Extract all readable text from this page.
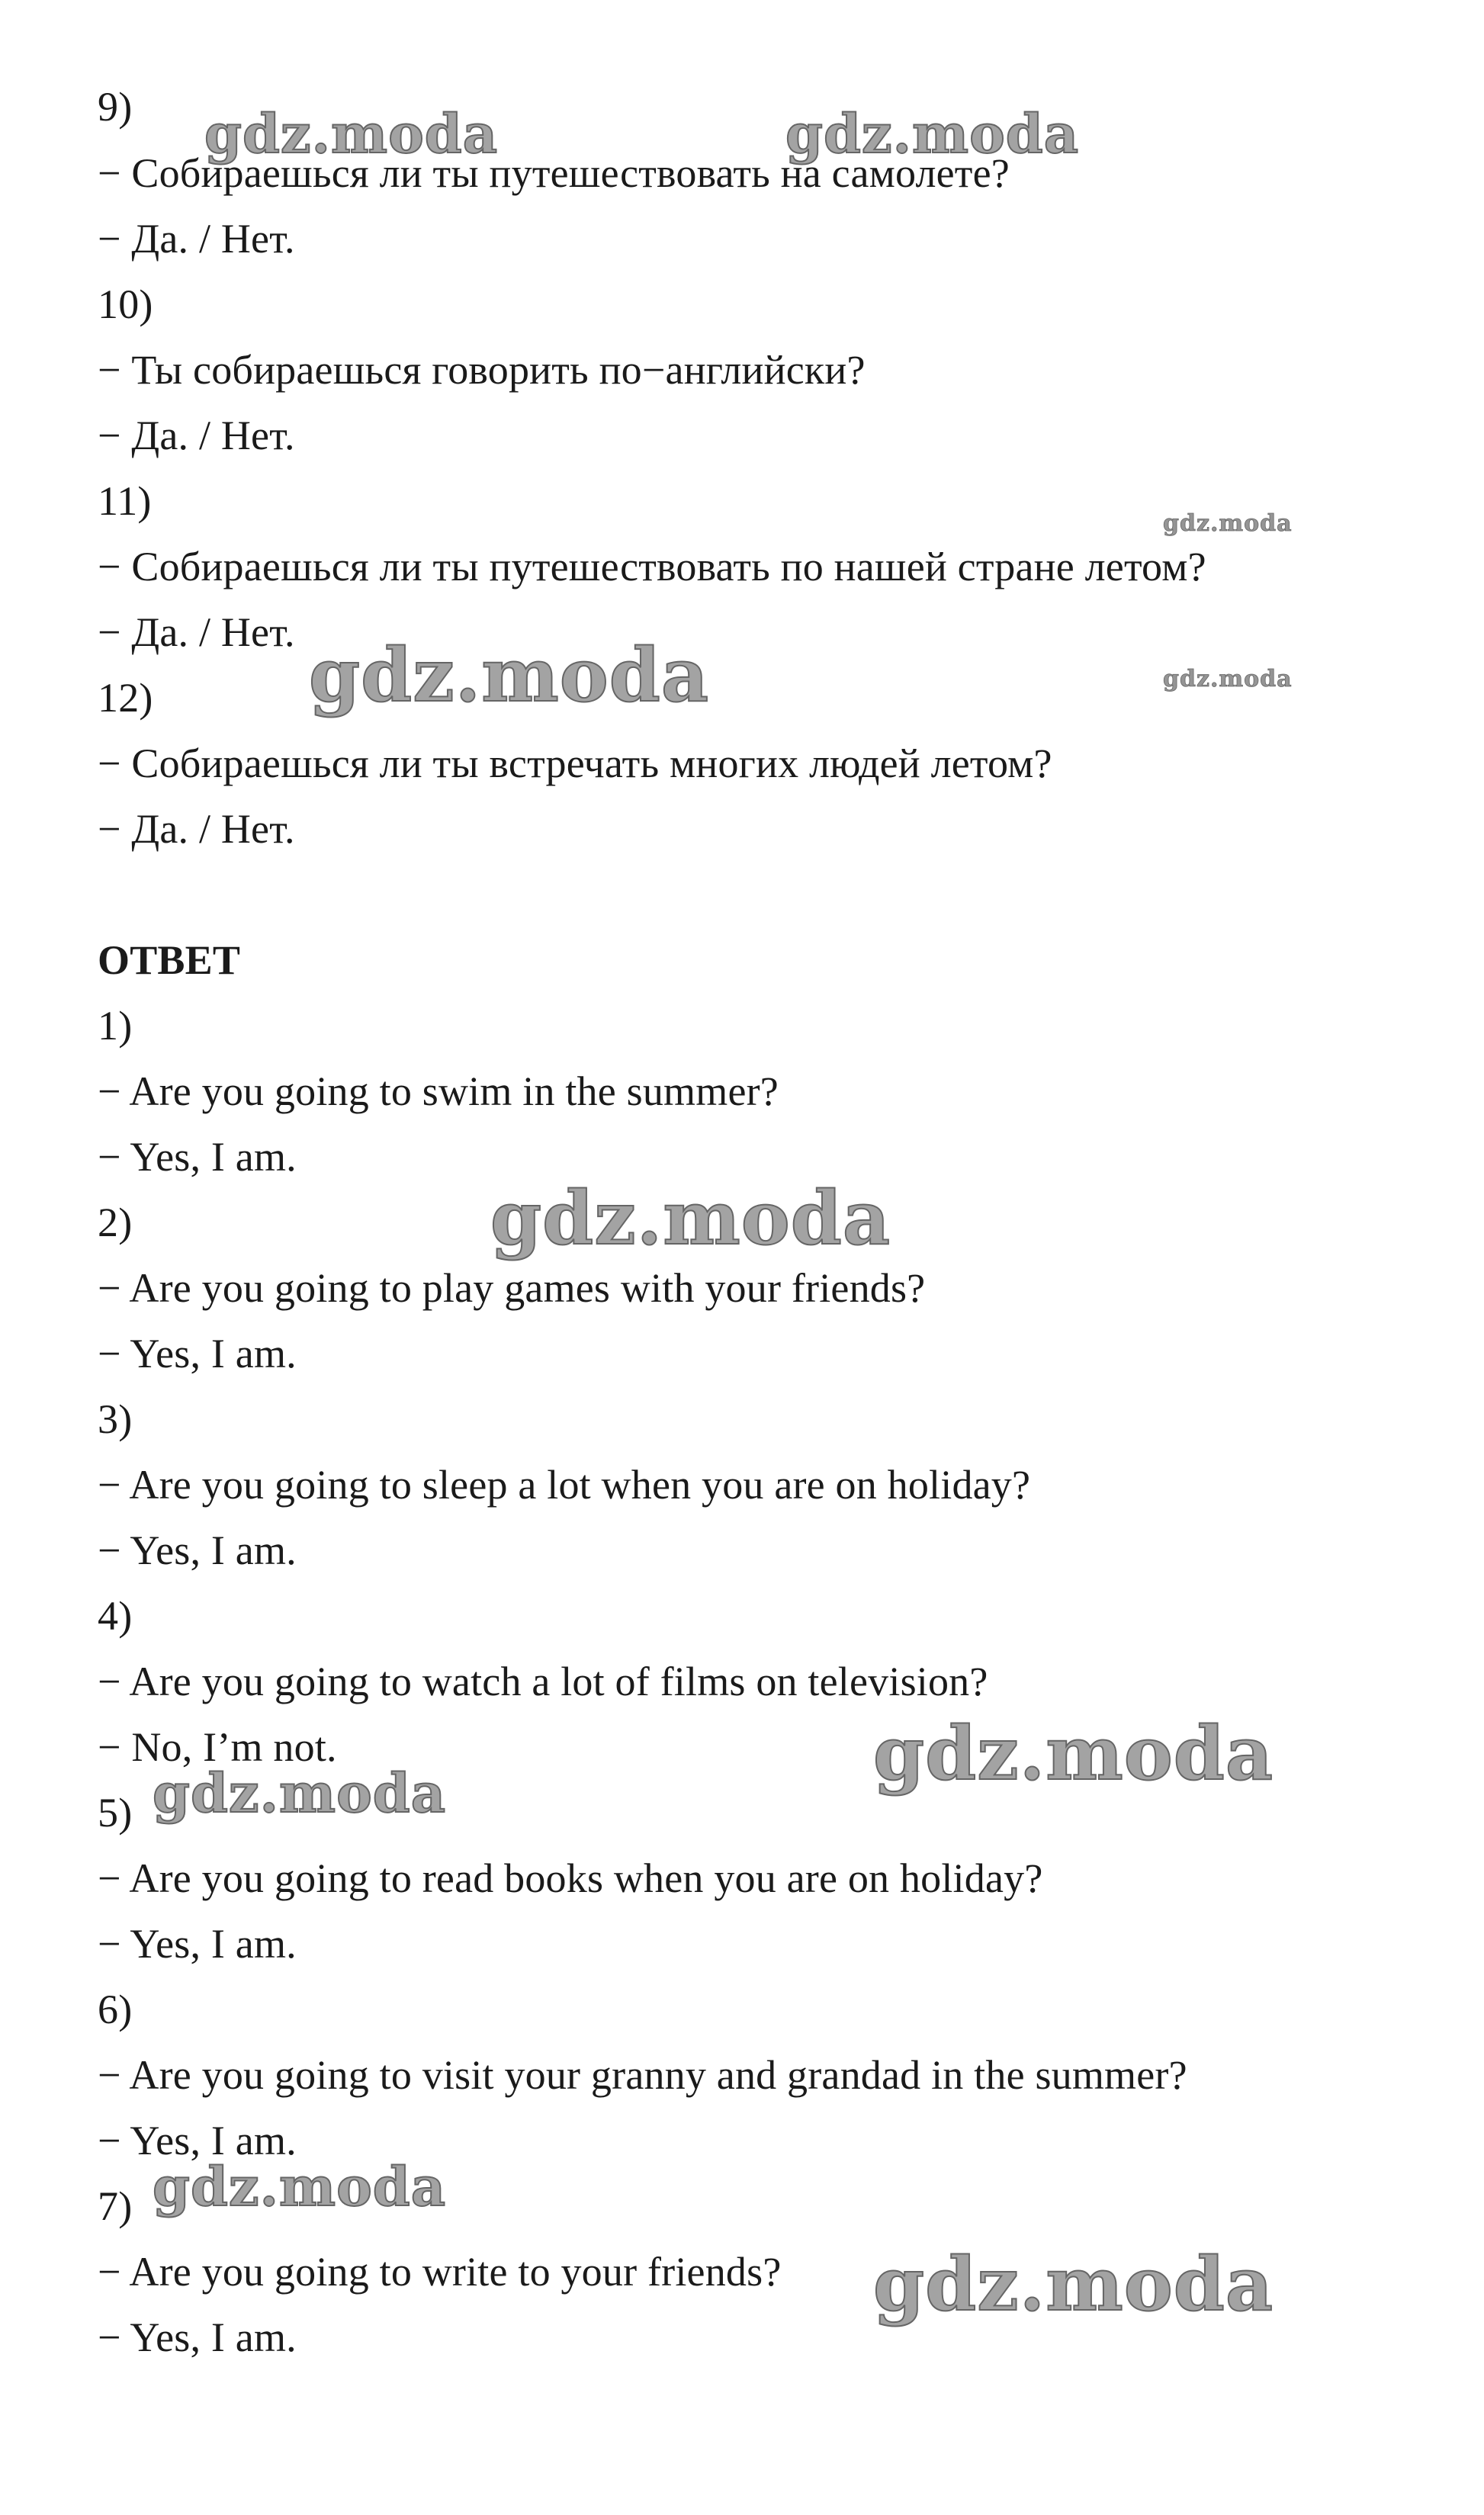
9)
− Собираешься ли ты путешествовать на самолете?
− Да. / Нет.
10)
− Ты собираешься говорить по−английски?
− Да. / Нет.
11)
− Собираешься ли ты путешествовать по нашей стране летом?
− Да. / Нет.
12)
− Собираешься ли ты встречать многих людей летом?
− Да. / Нет.
ОТВЕТ
1)
− Are you going to swim in the summer?
− Yes, I am.
2)
− Are you going to play games with your friends?
− Yes, I am.
3)
− Are you going to sleep a lot when you are on holiday?
− Yes, I am.
4)
− Are you going to watch a lot of films on television?
− No, I’m not.
5)
− Are you going to read books when you are on holiday?
− Yes, I am.
6)
− Are you going to visit your granny and grandad in the summer?
− Yes, I am.
7)
− Are you going to write to your friends?
− Yes, I am.
gdz.moda	gdz.moda
gdz.moda
gdz.moda	gdz.moda
gdz.moda
gdz.moda
gdz.moda
gdz.moda
gdz.moda
